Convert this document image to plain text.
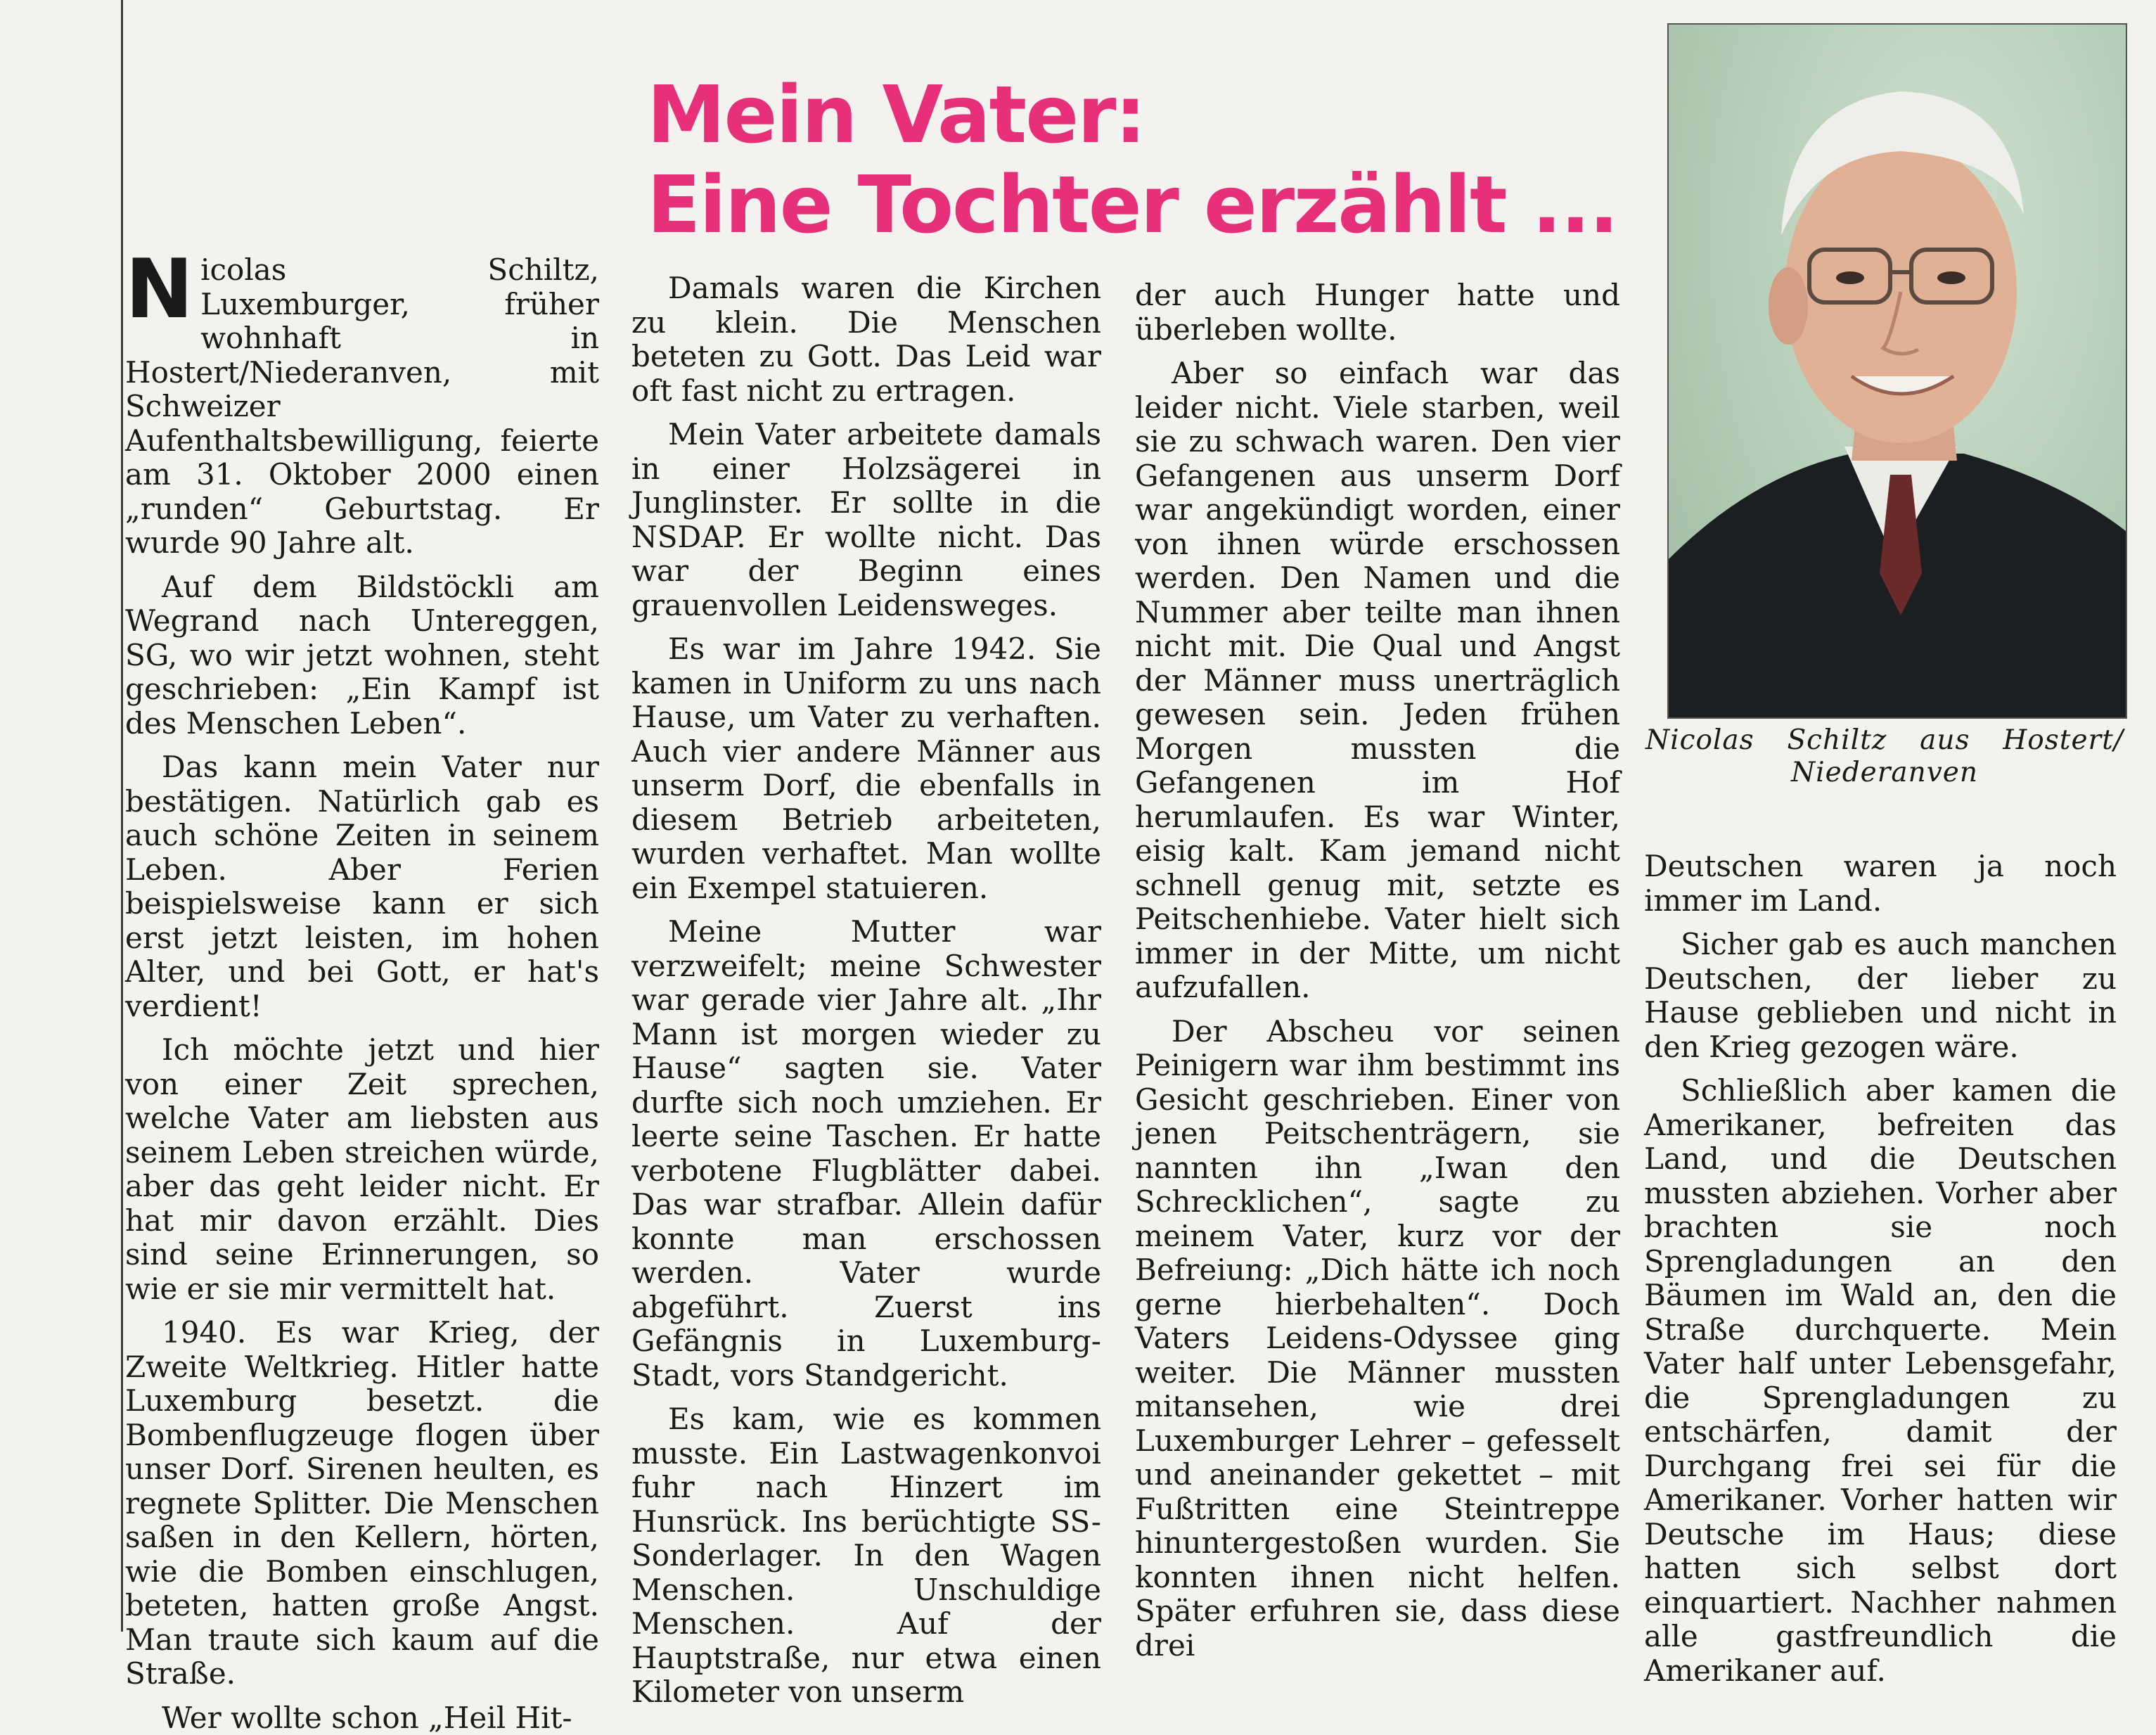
Mein Vater:
Eine Tochter erzählt ...

Nicolas Schiltz, Luxemburger, früher wohnhaft in Hostert/Niederanven, mit Schweizer Aufenthaltsbewilligung, feierte am 31. Oktober 2000 einen „runden“ Geburtstag. Er wurde 90 Jahre alt.

Auf dem Bildstöckli am Wegrand nach Untereggen, SG, wo wir jetzt wohnen, steht geschrieben: „Ein Kampf ist des Menschen Leben“.

Das kann mein Vater nur bestätigen. Natürlich gab es auch schöne Zeiten in seinem Leben. Aber Ferien beispielsweise kann er sich erst jetzt leisten, im hohen Alter, und bei Gott, er hat's verdient!

Ich möchte jetzt und hier von einer Zeit sprechen, welche Vater am liebsten aus seinem Leben streichen würde, aber das geht leider nicht. Er hat mir davon erzählt. Dies sind seine Erinnerungen, so wie er sie mir vermittelt hat.

1940. Es war Krieg, der Zweite Weltkrieg. Hitler hatte Luxemburg besetzt. die Bombenflugzeuge flogen über unser Dorf. Sirenen heulten, es regnete Splitter. Die Menschen saßen in den Kellern, hörten, wie die Bomben einschlugen, beteten, hatten große Angst. Man traute sich kaum auf die Straße.

Wer wollte schon „Heil Hit-

Damals waren die Kirchen zu klein. Die Menschen beteten zu Gott. Das Leid war oft fast nicht zu ertragen.

Mein Vater arbeitete damals in einer Holzsägerei in Junglinster. Er sollte in die NSDAP. Er wollte nicht. Das war der Beginn eines grauenvollen Leidensweges.

Es war im Jahre 1942. Sie kamen in Uniform zu uns nach Hause, um Vater zu verhaften. Auch vier andere Männer aus unserm Dorf, die ebenfalls in diesem Betrieb arbeiteten, wurden verhaftet. Man wollte ein Exempel statuieren.

Meine Mutter war verzweifelt; meine Schwester war gerade vier Jahre alt. „Ihr Mann ist morgen wieder zu Hause“ sagten sie. Vater durfte sich noch umziehen. Er leerte seine Taschen. Er hatte verbotene Flugblätter dabei. Das war strafbar. Allein dafür konnte man erschossen werden. Vater wurde abgeführt. Zuerst ins Gefängnis in Luxemburg-Stadt, vors Standgericht.

Es kam, wie es kommen musste. Ein Lastwagenkonvoi fuhr nach Hinzert im Hunsrück. Ins berüchtigte SS-Sonderlager. In den Wagen Menschen. Unschuldige Menschen. Auf der Hauptstraße, nur etwa einen Kilometer von unserm

der auch Hunger hatte und überleben wollte.

Aber so einfach war das leider nicht. Viele starben, weil sie zu schwach waren. Den vier Gefangenen aus unserm Dorf war angekündigt worden, einer von ihnen würde erschossen werden. Den Namen und die Nummer aber teilte man ihnen nicht mit. Die Qual und Angst der Männer muss unerträglich gewesen sein. Jeden frühen Morgen mussten die Gefangenen im Hof herumlaufen. Es war Winter, eisig kalt. Kam jemand nicht schnell genug mit, setzte es Peitschenhiebe. Vater hielt sich immer in der Mitte, um nicht aufzufallen.

Der Abscheu vor seinen Peinigern war ihm bestimmt ins Gesicht geschrieben. Einer von jenen Peitschenträgern, sie nannten ihn „Iwan den Schrecklichen“, sagte zu meinem Vater, kurz vor der Befreiung: „Dich hätte ich noch gerne hierbehalten“. Doch Vaters Leidens-Odyssee ging weiter. Die Männer mussten mitansehen, wie drei Luxemburger Lehrer – gefesselt und aneinander gekettet – mit Fußtritten eine Steintreppe hinuntergestoßen wurden. Sie konnten ihnen nicht helfen. Später erfuhren sie, dass diese drei

Nicolas Schiltz aus Hostert/ Niederanven

Deutschen waren ja noch immer im Land.

Sicher gab es auch manchen Deutschen, der lieber zu Hause geblieben und nicht in den Krieg gezogen wäre.

Schließlich aber kamen die Amerikaner, befreiten das Land, und die Deutschen mussten abziehen. Vorher aber brachten sie noch Sprengladungen an den Bäumen im Wald an, den die Straße durchquerte. Mein Vater half unter Lebensgefahr, die Sprengladungen zu entschärfen, damit der Durchgang frei sei für die Amerikaner. Vorher hatten wir Deutsche im Haus; diese hatten sich selbst dort einquartiert. Nachher nahmen alle gastfreundlich die Amerikaner auf.
